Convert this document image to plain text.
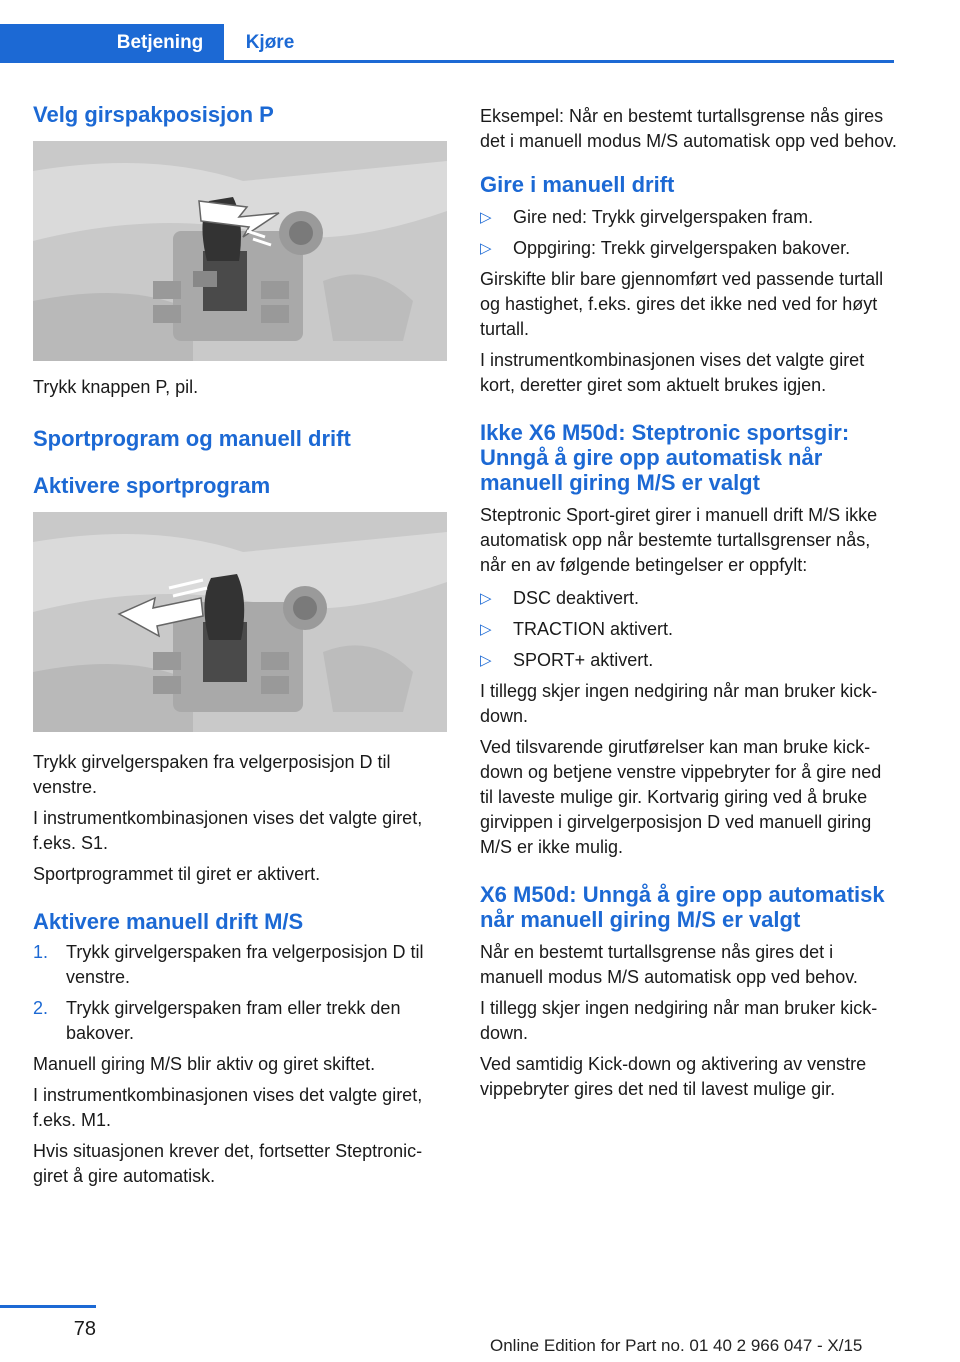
Betjening	Kjøre
Velg girspakposisjon P

Trykk knappen P, pil.

Sportprogram og manuell drift
Aktivere sportprogram

Trykk girvelgerspaken fra velgerposisjon D til venstre.

I instrumentkombinasjonen vises det valgte giret, f.eks. S1.

Sportprogrammet til giret er aktivert.

Aktivere manuell drift M/S
1. Trykk girvelgerspaken fra velgerposisjon D til venstre.
2. Trykk girvelgerspaken fram eller trekk den bakover.

Manuell giring M/S blir aktiv og giret skiftet.

I instrumentkombinasjonen vises det valgte giret, f.eks. M1.

Hvis situasjonen krever det, fortsetter Steptronic-giret å gire automatisk.

Eksempel: Når en bestemt turtallsgrense nås gires det i manuell modus M/S automatisk opp ved behov.

Gire i manuell drift
▷ Gire ned: Trykk girvelgerspaken fram.
▷ Oppgiring: Trekk girvelgerspaken bakover.

Girskifte blir bare gjennomført ved passende turtall og hastighet, f.eks. gires det ikke ned ved for høyt turtall.

I instrumentkombinasjonen vises det valgte giret kort, deretter giret som aktuelt brukes igjen.

Ikke X6 M50d: Steptronic sportsgir: Unngå å gire opp automatisk når manuell giring M/S er valgt

Steptronic Sport-giret girer i manuell drift M/S ikke automatisk opp når bestemte turtallsgrenser nås, når en av følgende betingelser er oppfylt:

▷ DSC deaktivert.
▷ TRACTION aktivert.
▷ SPORT+ aktivert.

I tillegg skjer ingen nedgiring når man bruker kick-down.

Ved tilsvarende girutførelser kan man bruke kick-down og betjene venstre vippebryter for å gire ned til laveste mulige gir. Kortvarig giring ved å bruke girvippen i girvelgerposisjon D ved manuell giring M/S er ikke mulig.

X6 M50d: Unngå å gire opp automatisk når manuell giring M/S er valgt

Når en bestemt turtallsgrense nås gires det i manuell modus M/S automatisk opp ved behov.

I tillegg skjer ingen nedgiring når man bruker kick-down.

Ved samtidig Kick-down og aktivering av venstre vippebryter gires det ned til lavest mulige gir.

78
Online Edition for Part no. 01 40 2 966 047 - X/15
